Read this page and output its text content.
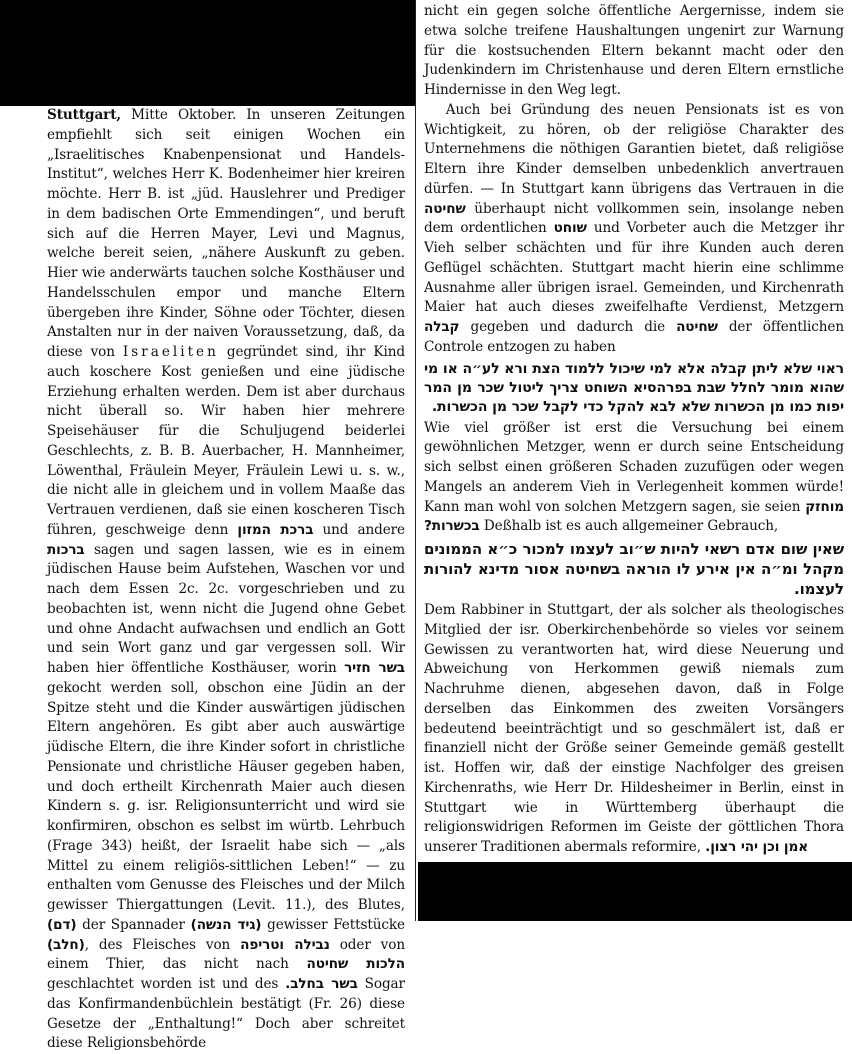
Stuttgart, Mitte Oktober. In unseren Zeitungen empfiehlt sich seit einigen Wochen ein „Israelitisches Knabenpensionat und Handels-Institut“, welches Herr K. Bodenheimer hier kreiren möchte. Herr B. ist „jüd. Hauslehrer und Prediger in dem badischen Orte Emmendingen“, und beruft sich auf die Herren Mayer, Levi und Magnus, welche bereit seien, „nähere Auskunft zu geben. Hier wie anderwärts tauchen solche Kosthäuser und Handelsschulen empor und manche Eltern übergeben ihre Kinder, Söhne oder Töchter, diesen Anstalten nur in der naiven Voraussetzung, daß, da diese von Israeliten gegründet sind, ihr Kind auch koschere Kost genießen und eine jüdische Erziehung erhalten werden. Dem ist aber durchaus nicht überall so. Wir haben hier mehrere Speisehäuser für die Schuljugend beiderlei Geschlechts, z. B. B. Auerbacher, H. Mannheimer, Löwenthal, Fräulein Meyer, Fräulein Lewi u. s. w., die nicht alle in gleichem und in vollem Maaße das Vertrauen verdienen, daß sie einen koscheren Tisch führen, geschweige denn ברכת המזון und andere ברכות sagen und sagen lassen, wie es in einem jüdischen Hause beim Aufstehen, Waschen vor und nach dem Essen 2c. 2c. vorgeschrieben und zu beobachten ist, wenn nicht die Jugend ohne Gebet und ohne Andacht aufwachsen und endlich an Gott und sein Wort ganz und gar vergessen soll. Wir haben hier öffentliche Kosthäuser, worin בשר חזיר gekocht werden soll, obschon eine Jüdin an der Spitze steht und die Kinder auswärtigen jüdischen Eltern angehören. Es gibt aber auch auswärtige jüdische Eltern, die ihre Kinder sofort in christliche Pensionate und christliche Häuser gegeben haben, und doch ertheilt Kirchenrath Maier auch diesen Kindern s. g. isr. Religionsunterricht und wird sie konfirmiren, obschon es selbst im würtb. Lehrbuch (Frage 343) heißt, der Israelit habe sich — „als Mittel zu einem religiös-sittlichen Leben!“ — zu enthalten vom Genusse des Fleisches und der Milch gewisser Thiergattungen (Levit. 11.), des Blutes, (דם) der Spannader (גיד הנשה) gewisser Fettstücke (חלב), des Fleisches von נבילה וטריפה oder von einem Thier, das nicht nach הלכות שחיטה geschlachtet worden ist und des בשר בחלב. Sogar das Konfirmandenbüchlein bestätigt (Fr. 26) diese Gesetze der „Enthaltung!“ Doch aber schreitet diese Religionsbehörde

nicht ein gegen solche öffentliche Aergernisse, indem sie etwa solche treifene Haushaltungen ungenirt zur Warnung für die kostsuchenden Eltern bekannt macht oder den Judenkindern im Christenhause und deren Eltern ernstliche Hindernisse in den Weg legt.

Auch bei Gründung des neuen Pensionats ist es von Wichtigkeit, zu hören, ob der religiöse Charakter des Unternehmens die nöthigen Garantien bietet, daß religiöse Eltern ihre Kinder demselben unbedenklich anvertrauen dürfen. — In Stuttgart kann übrigens das Vertrauen in die שחיטה überhaupt nicht vollkommen sein, insolange neben dem ordentlichen שוחט und Vorbeter auch die Metzger ihr Vieh selber schächten und für ihre Kunden auch deren Geflügel schächten. Stuttgart macht hierin eine schlimme Ausnahme aller übrigen israel. Gemeinden, und Kirchenrath Maier hat auch dieses zweifelhafte Verdienst, Metzgern קבלה gegeben und dadurch die שחיטה der öffentlichen Controle entzogen zu haben

ראוי שלא ליתן קבלה אלא למי שיכול ללמוד הצת ורא לע״ה או מי שהוא מומר לחלל שבת בפרהסיא השוחט צריך ליטול שכר מן המר יפות כמו מן הכשרות שלא לבא להקל כדי לקבל שכר מן הכשרות.

Wie viel größer ist erst die Versuchung bei einem gewöhnlichen Metzger, wenn er durch seine Entscheidung sich selbst einen größeren Schaden zuzufügen oder wegen Mangels an anderem Vieh in Verlegenheit kommen würde! Kann man wohl von solchen Metzgern sagen, sie seien מוחזק בכשרות? Deßhalb ist es auch allgemeiner Gebrauch,

שאין שום אדם רשאי להיות ש״וב לעצמו למכור כ״א הממונים מקהל ומ״ה אין אירע לו הוראה בשחיטה אסור מדינא להורות לעצמו.

Dem Rabbiner in Stuttgart, der als solcher als theologisches Mitglied der isr. Oberkirchenbehörde so vieles vor seinem Gewissen zu verantworten hat, wird diese Neuerung und Abweichung von Herkommen gewiß niemals zum Nachruhme dienen, abgesehen davon, daß in Folge derselben das Einkommen des zweiten Vorsängers bedeutend beeinträchtigt und so geschmälert ist, daß er finanziell nicht der Größe seiner Gemeinde gemäß gestellt ist. Hoffen wir, daß der einstige Nachfolger des greisen Kirchenraths, wie Herr Dr. Hildesheimer in Berlin, einst in Stuttgart wie in Württemberg überhaupt die religionswidrigen Reformen im Geiste der göttlichen Thora unserer Traditionen abermals reformire, אמן וכן יהי רצון.
